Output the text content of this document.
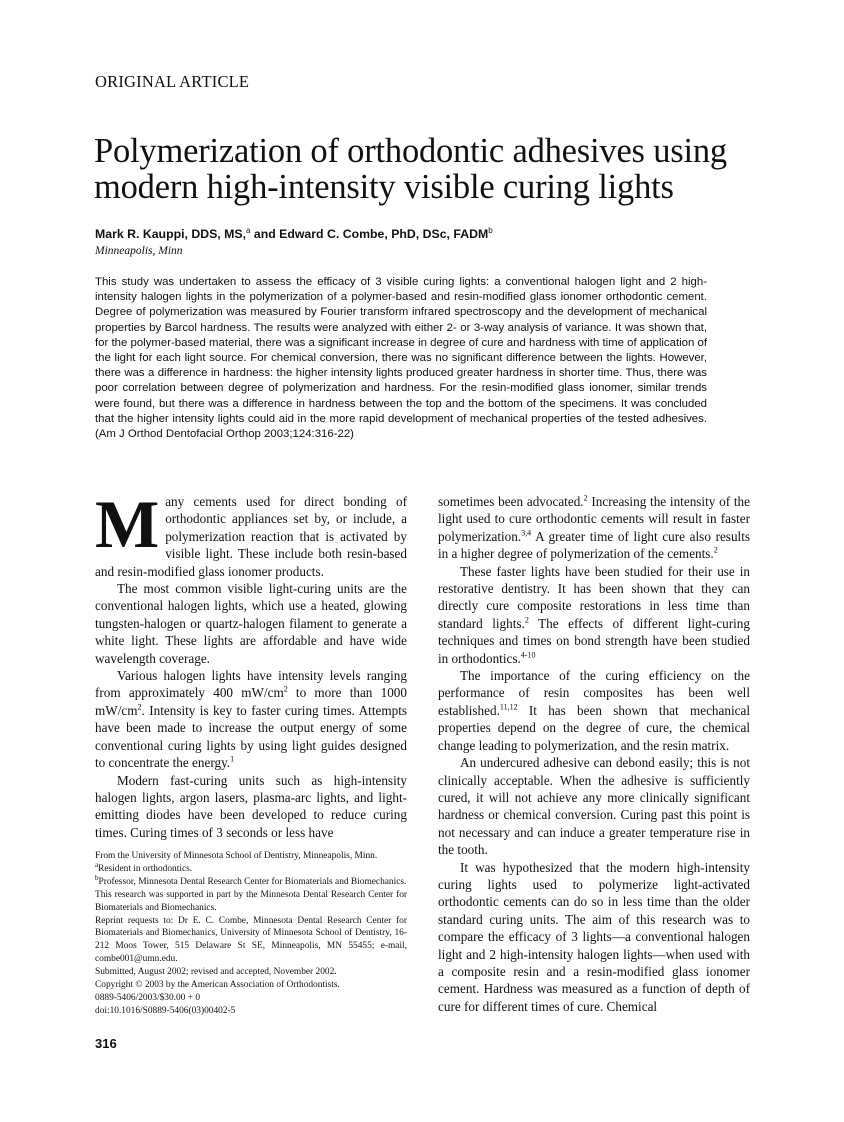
ORIGINAL ARTICLE
Polymerization of orthodontic adhesives using modern high-intensity visible curing lights
Mark R. Kauppi, DDS, MS,$^a$ and Edward C. Combe, PhD, DSc, FADM$^b$
Minneapolis, Minn

This study was undertaken to assess the efficacy of 3 visible curing lights: a conventional halogen light and 2 high-intensity halogen lights in the polymerization of a polymer-based and resin-modified glass ionomer orthodontic cement. Degree of polymerization was measured by Fourier transform infrared spectroscopy and the development of mechanical properties by Barcol hardness. The results were analyzed with either 2- or 3-way analysis of variance. It was shown that, for the polymer-based material, there was a significant increase in degree of cure and hardness with time of application of the light for each light source. For chemical conversion, there was no significant difference between the lights. However, there was a difference in hardness: the higher intensity lights produced greater hardness in shorter time. Thus, there was poor correlation between degree of polymerization and hardness. For the resin-modified glass ionomer, similar trends were found, but there was a difference in hardness between the top and the bottom of the specimens. It was concluded that the higher intensity lights could aid in the more rapid development of mechanical properties of the tested adhesives. (Am J Orthod Dentofacial Orthop 2003;124:316-22)

Many cements used for direct bonding of orthodontic appliances set by, or include, a polymerization reaction that is activated by visible light. These include both resin-based and resin-modified glass ionomer products.

The most common visible light-curing units are the conventional halogen lights, which use a heated, glowing tungsten-halogen or quartz-halogen filament to generate a white light. These lights are affordable and have wide wavelength coverage.

Various halogen lights have intensity levels ranging from approximately 400 $mW/cm^2$ to more than 1000 $mW/cm^2$. Intensity is key to faster curing times. Attempts have been made to increase the output energy of some conventional curing lights by using light guides designed to concentrate the energy.$^1$

Modern fast-curing units such as high-intensity halogen lights, argon lasers, plasma-arc lights, and light-emitting diodes have been developed to reduce curing times. Curing times of 3 seconds or less have

sometimes been advocated.$^2$ Increasing the intensity of the light used to cure orthodontic cements will result in faster polymerization.$^{3,4}$ A greater time of light cure also results in a higher degree of polymerization of the cements.$^2$

These faster lights have been studied for their use in restorative dentistry. It has been shown that they can directly cure composite restorations in less time than standard lights.$^2$ The effects of different light-curing techniques and times on bond strength have been studied in orthodontics.$^{4-10}$

The importance of the curing efficiency on the performance of resin composites has been well established.$^{11,12}$ It has been shown that mechanical properties depend on the degree of cure, the chemical change leading to polymerization, and the resin matrix.

An undercured adhesive can debond easily; this is not clinically acceptable. When the adhesive is sufficiently cured, it will not achieve any more clinically significant hardness or chemical conversion. Curing past this point is not necessary and can induce a greater temperature rise in the tooth.

It was hypothesized that the modern high-intensity curing lights used to polymerize light-activated orthodontic cements can do so in less time than the older standard curing units. The aim of this research was to compare the efficacy of 3 lights—a conventional halogen light and 2 high-intensity halogen lights—when used with a composite resin and a resin-modified glass ionomer cement. Hardness was measured as a function of depth of cure for different times of cure. Chemical

From the University of Minnesota School of Dentistry, Minneapolis, Minn.

$^a$Resident in orthodontics.

$^b$Professor, Minnesota Dental Research Center for Biomaterials and Biomechanics.

This research was supported in part by the Minnesota Dental Research Center for Biomaterials and Biomechanics.

Reprint requests to: Dr E. C. Combe, Minnesota Dental Research Center for Biomaterials and Biomechanics, University of Minnesota School of Dentistry, 16-212 Moos Tower, 515 Delaware St SE, Minneapolis, MN 55455; e-mail, combe001@umn.edu.

Submitted, August 2002; revised and accepted, November 2002.

Copyright © 2003 by the American Association of Orthodontists.

0889-5406/2003/$30.00 + 0

doi:10.1016/S0889-5406(03)00402-5

316
